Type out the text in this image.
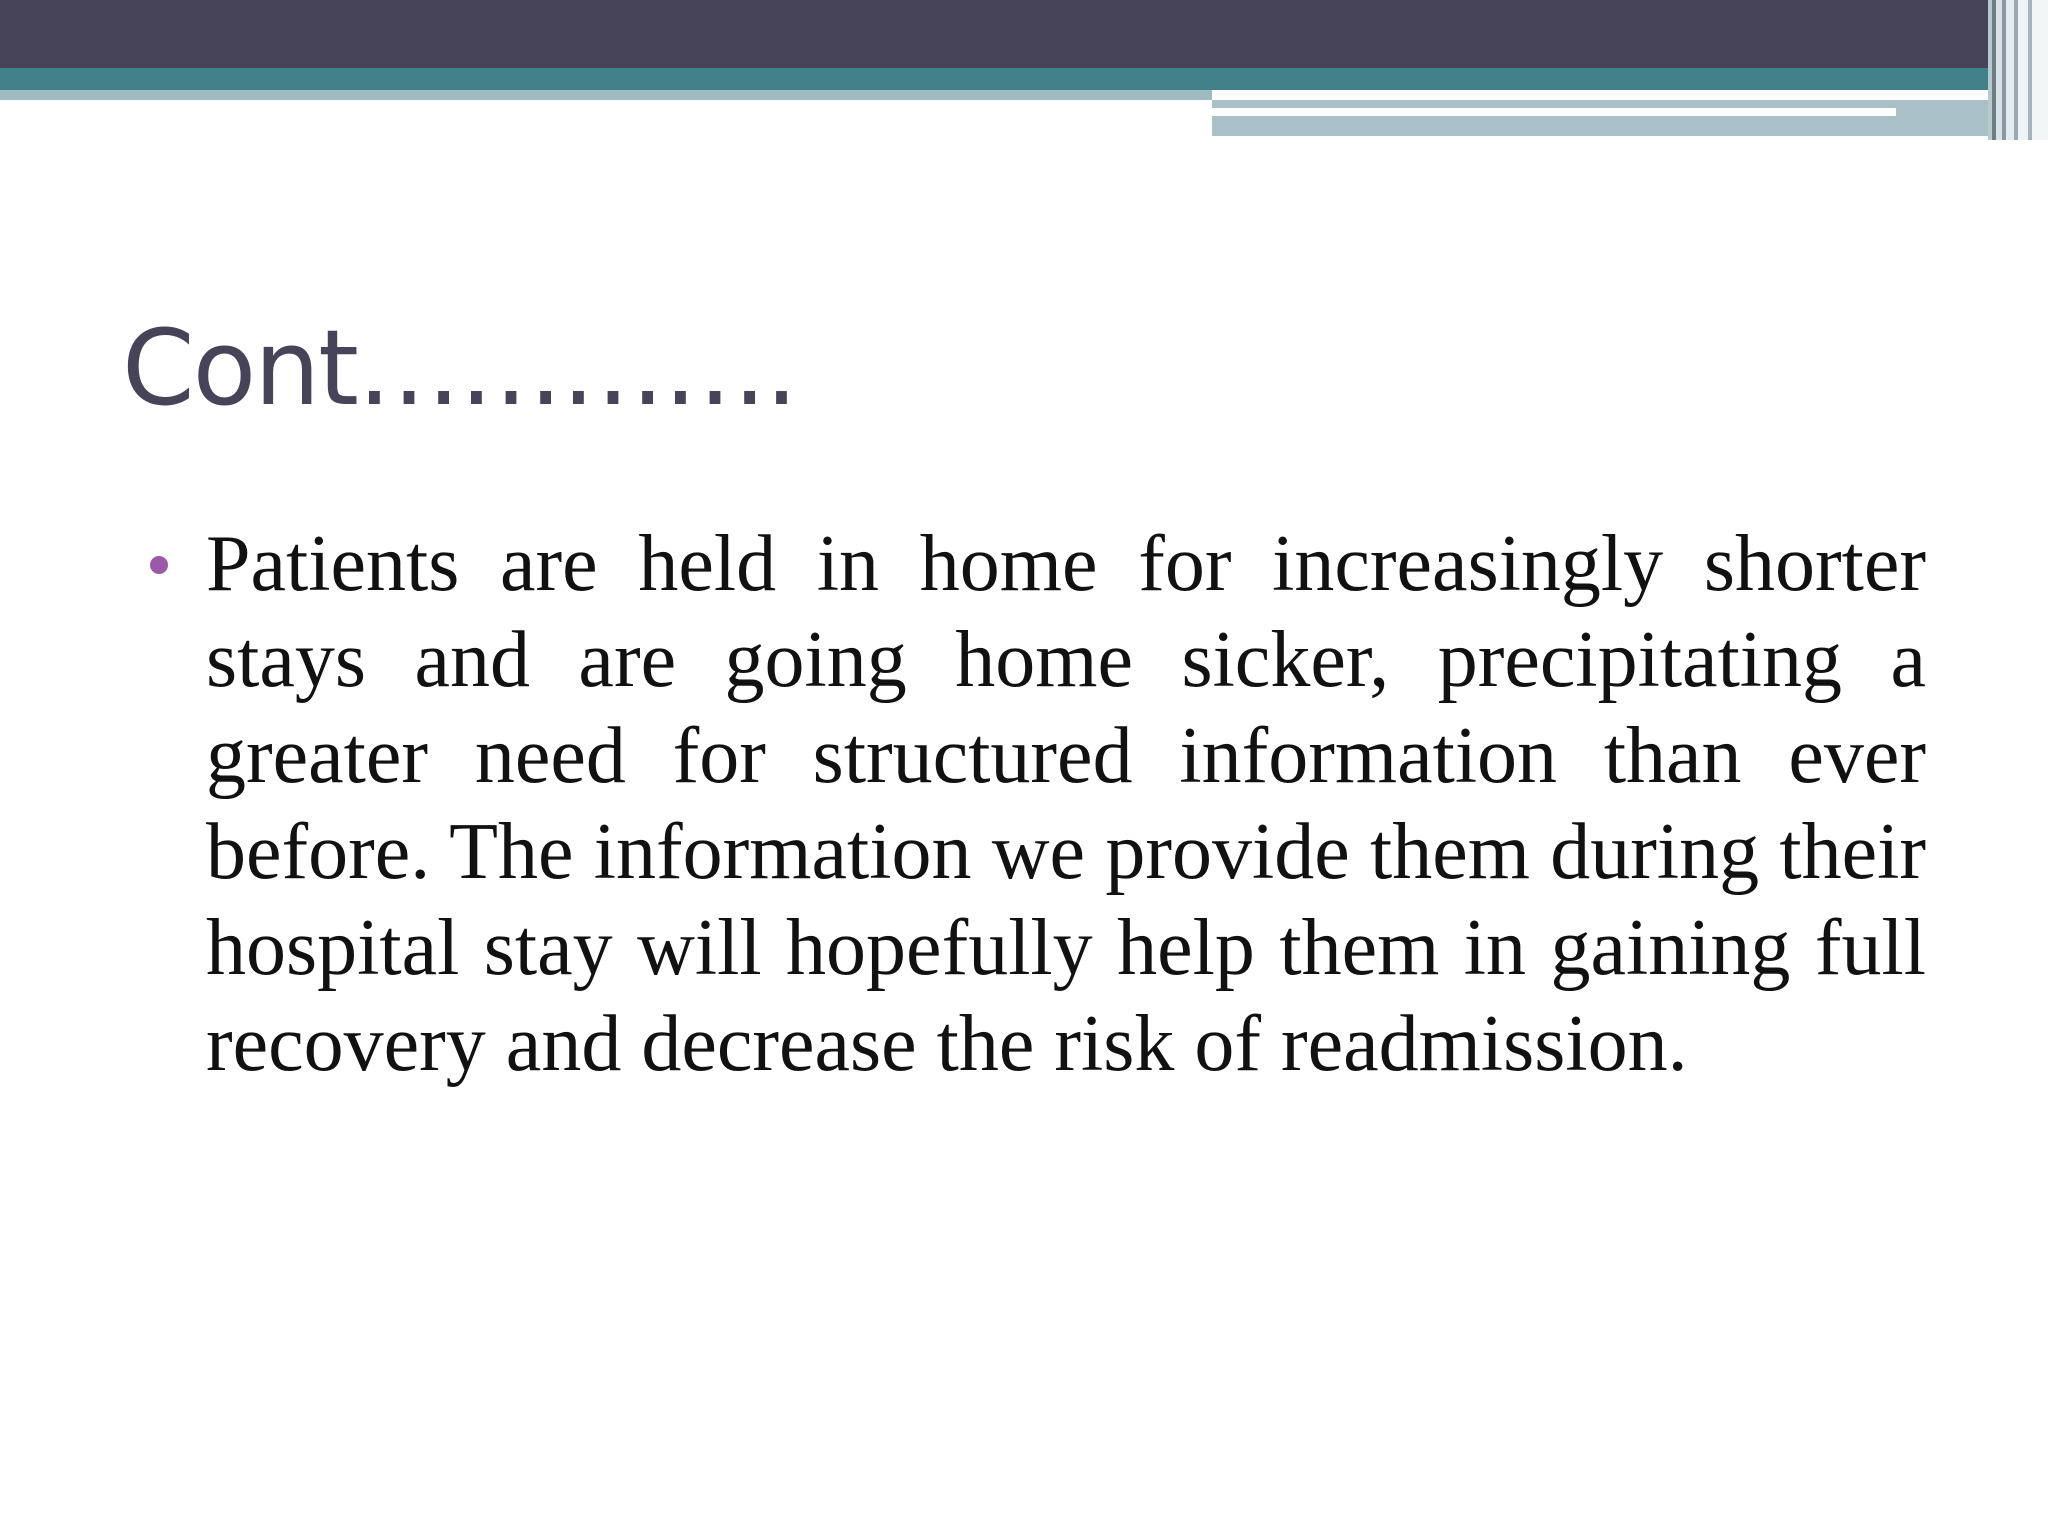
Cont………….
Patients are held in home for increasingly shorter stays and are going home sicker, precipitating a greater need for structured information than ever before. The information we provide them during their hospital stay will hopefully help them in gaining full recovery and decrease the risk of readmission.
